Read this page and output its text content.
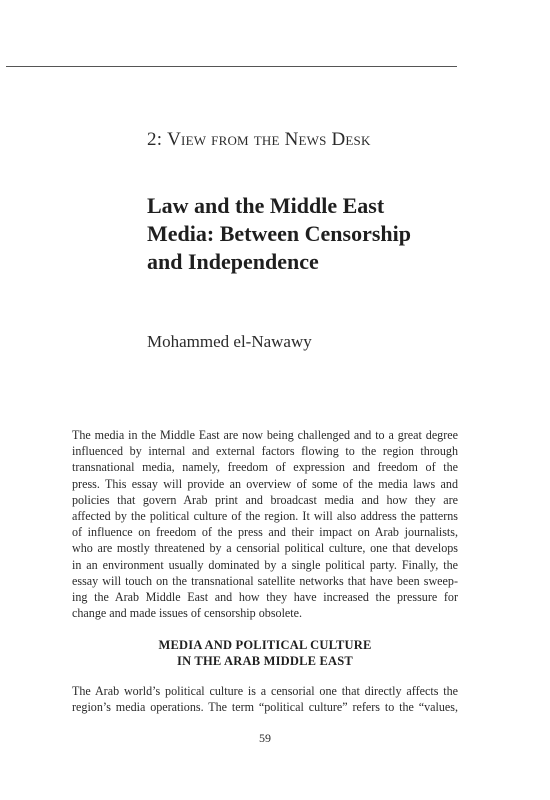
2: View from the News Desk
Law and the Middle East
Media: Between Censorship
and Independence
Mohammed el-Nawawy
The media in the Middle East are now being challenged and to a great degree
influenced by internal and external factors flowing to the region through
transnational media, namely, freedom of expression and freedom of the
press. This essay will provide an overview of some of the media laws and
policies that govern Arab print and broadcast media and how they are
affected by the political culture of the region. It will also address the patterns
of influence on freedom of the press and their impact on Arab journalists,
who are mostly threatened by a censorial political culture, one that develops
in an environment usually dominated by a single political party. Finally, the
essay will touch on the transnational satellite networks that have been sweep-
ing the Arab Middle East and how they have increased the pressure for
change and made issues of censorship obsolete.
MEDIA AND POLITICAL CULTURE
IN THE ARAB MIDDLE EAST
The Arab world’s political culture is a censorial one that directly affects the
region’s media operations. The term “political culture” refers to the “values,
59
